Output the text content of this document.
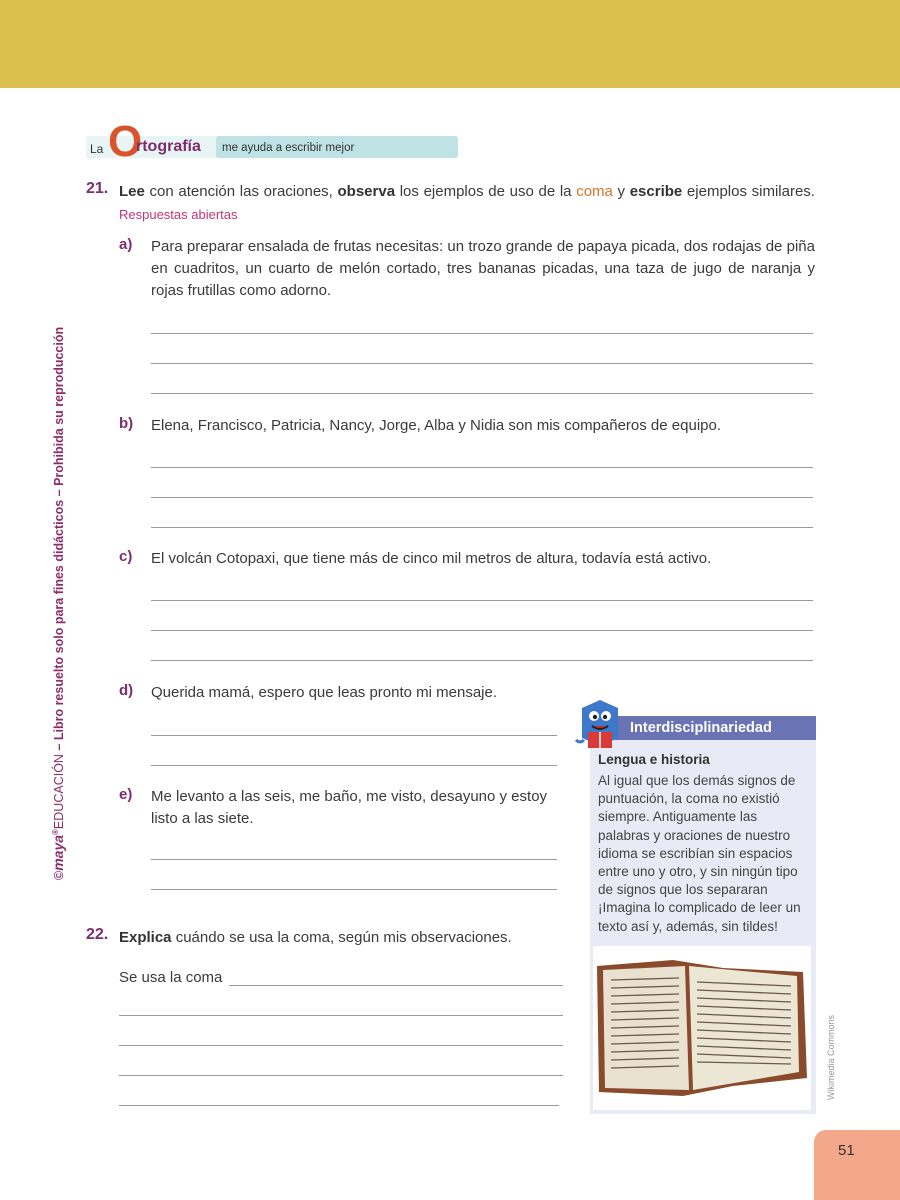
©maya®EDUCACIÓN – Libro resuelto solo para fines didácticos – Prohibida su reproducción
La O
rtografía me ayuda a escribir mejor
21. Lee con atención las oraciones, observa los ejemplos de uso de la coma y escribe ejemplos similares. Respuestas abiertas
a) Para preparar ensalada de frutas necesitas: un trozo grande de papaya picada, dos rodajas de piña en cuadritos, un cuarto de melón cortado, tres bananas picadas, una taza de jugo de naranja y rojas frutillas como adorno.
b) Elena, Francisco, Patricia, Nancy, Jorge, Alba y Nidia son mis compañeros de equipo.
c) El volcán Cotopaxi, que tiene más de cinco mil metros de altura, todavía está activo.
d) Querida mamá, espero que leas pronto mi mensaje.
e) Me levanto a las seis, me baño, me visto, desayuno y estoy listo a las siete.
22. Explica cuándo se usa la coma, según mis observaciones.
Se usa la coma
Interdisciplinariedad
Lengua e historia
Al igual que los demás signos de puntuación, la coma no existió siempre. Antiguamente las palabras y oraciones de nuestro idioma se escribían sin espacios entre uno y otro, y sin ningún tipo de signos que los separaran ¡Imagina lo complicado de leer un texto así y, además, sin tildes!
Wikimedia Commons
51
